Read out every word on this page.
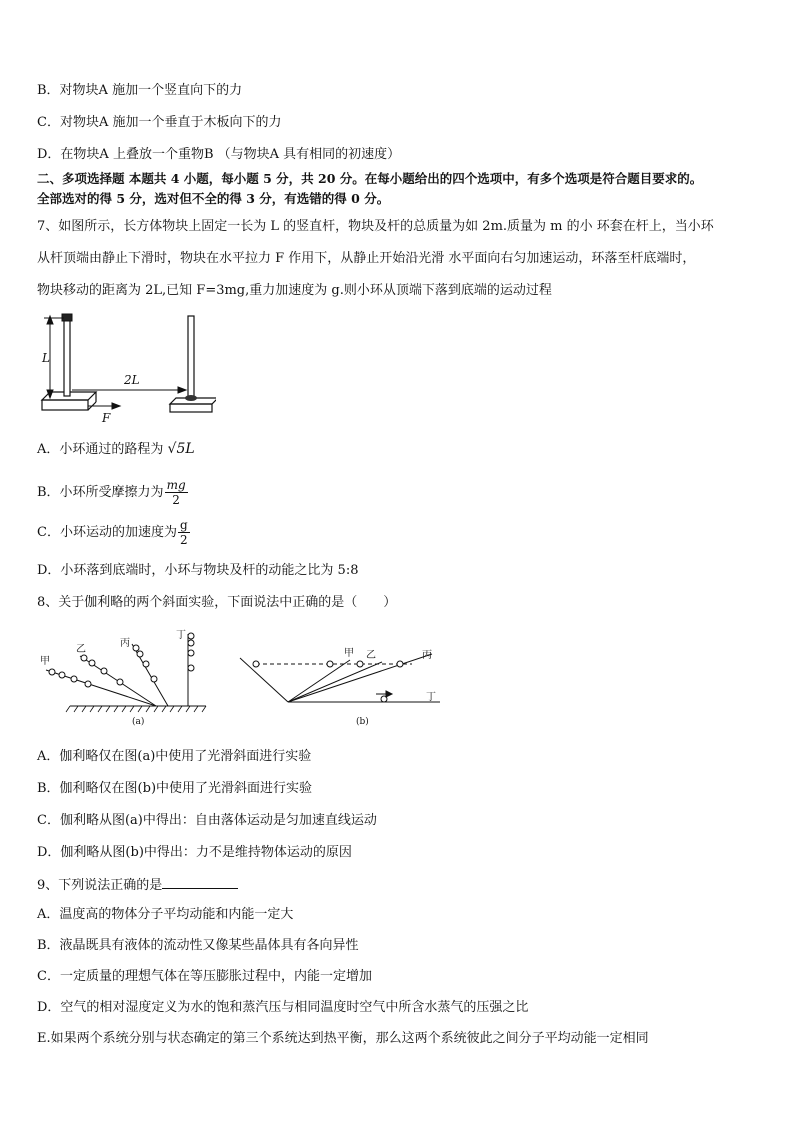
B．对物块A 施加一个竖直向下的力
C．对物块A 施加一个垂直于木板向下的力
D．在物块A 上叠放一个重物B （与物块A 具有相同的初速度）
二、多项选择题 本题共 4 小题，每小题 5 分，共 20 分。在每小题给出的四个选项中，有多个选项是符合题目要求的。
全部选对的得 5 分，选对但不全的得 3 分，有选错的得 0 分。
7、如图所示，长方体物块上固定一长为 L 的竖直杆，物块及杆的总质量为如 2m.质量为 m 的小 环套在杆上，当小环
从杆顶端由静止下滑时，物块在水平拉力 F 作用下，从静止开始沿光滑 水平面向右匀加速运动，环落至杆底端时，
物块移动的距离为 2L,已知 F=3mg,重力加速度为 g.则小环从顶端下落到底端的运动过程
L
2L
F
A．小环通过的路程为 √5L
B．小环所受摩擦力为 $\frac{mg}{2}$
C．小环运动的加速度为 $\frac{g}{2}$
D．小环落到底端时，小环与物块及杆的动能之比为 5:8
8、关于伽利略的两个斜面实验，下面说法中正确的是（　　）
甲
乙
丙
丁
(a)
甲 乙	丙
丁
(b)
A．伽利略仅在图(a)中使用了光滑斜面进行实验
B．伽利略仅在图(b)中使用了光滑斜面进行实验
C．伽利略从图(a)中得出：自由落体运动是匀加速直线运动
D．伽利略从图(b)中得出：力不是维持物体运动的原因
9、下列说法正确的是
A．温度高的物体分子平均动能和内能一定大
B．液晶既具有液体的流动性又像某些晶体具有各向异性
C．一定质量的理想气体在等压膨胀过程中，内能一定增加
D．空气的相对湿度定义为水的饱和蒸汽压与相同温度时空气中所含水蒸气的压强之比
E.如果两个系统分别与状态确定的第三个系统达到热平衡，那么这两个系统彼此之间分子平均动能一定相同
